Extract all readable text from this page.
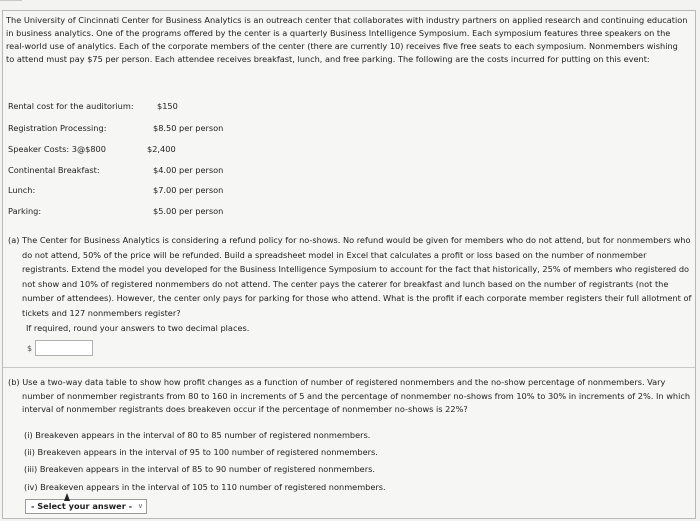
The University of Cincinnati Center for Business Analytics is an outreach center that collaborates with industry partners on applied research and continuing education in business analytics. One of the programs offered by the center is a quarterly Business Intelligence Symposium. Each symposium features three speakers on the real-world use of analytics. Each of the corporate members of the center (there are currently 10) receives five free seats to each symposium. Nonmembers wishing to attend must pay $75 per person. Each attendee receives breakfast, lunch, and free parking. The following are the costs incurred for putting on this event:

Rental cost for the auditorium:	$150
Registration Processing:	$8.50 per person
Speaker Costs: 3@$800	$2,400
Continental Breakfast:	$4.00 per person
Lunch:	$7.00 per person
Parking:	$5.00 per person

(a) The Center for Business Analytics is considering a refund policy for no-shows. No refund would be given for members who do not attend, but for nonmembers who do not attend, 50% of the price will be refunded. Build a spreadsheet model in Excel that calculates a profit or loss based on the number of nonmember registrants. Extend the model you developed for the Business Intelligence Symposium to account for the fact that historically, 25% of members who registered do not show and 10% of registered nonmembers do not attend. The center pays the caterer for breakfast and lunch based on the number of registrants (not the number of attendees). However, the center only pays for parking for those who attend. What is the profit if each corporate member registers their full allotment of tickets and 127 nonmembers register?

If required, round your answers to two decimal places.
$

(b) Use a two-way data table to show how profit changes as a function of number of registered nonmembers and the no-show percentage of nonmembers. Vary number of nonmember registrants from 80 to 160 in increments of 5 and the percentage of nonmember no-shows from 10% to 30% in increments of 2%. In which interval of nonmember registrants does breakeven occur if the percentage of nonmember no-shows is 22%?

(i) Breakeven appears in the interval of 80 to 85 number of registered nonmembers.
(ii) Breakeven appears in the interval of 95 to 100 number of registered nonmembers.
(iii) Breakeven appears in the interval of 85 to 90 number of registered nonmembers.
(iv) Breakeven appears in the interval of 105 to 110 number of registered nonmembers.
- Select your answer - ∨
